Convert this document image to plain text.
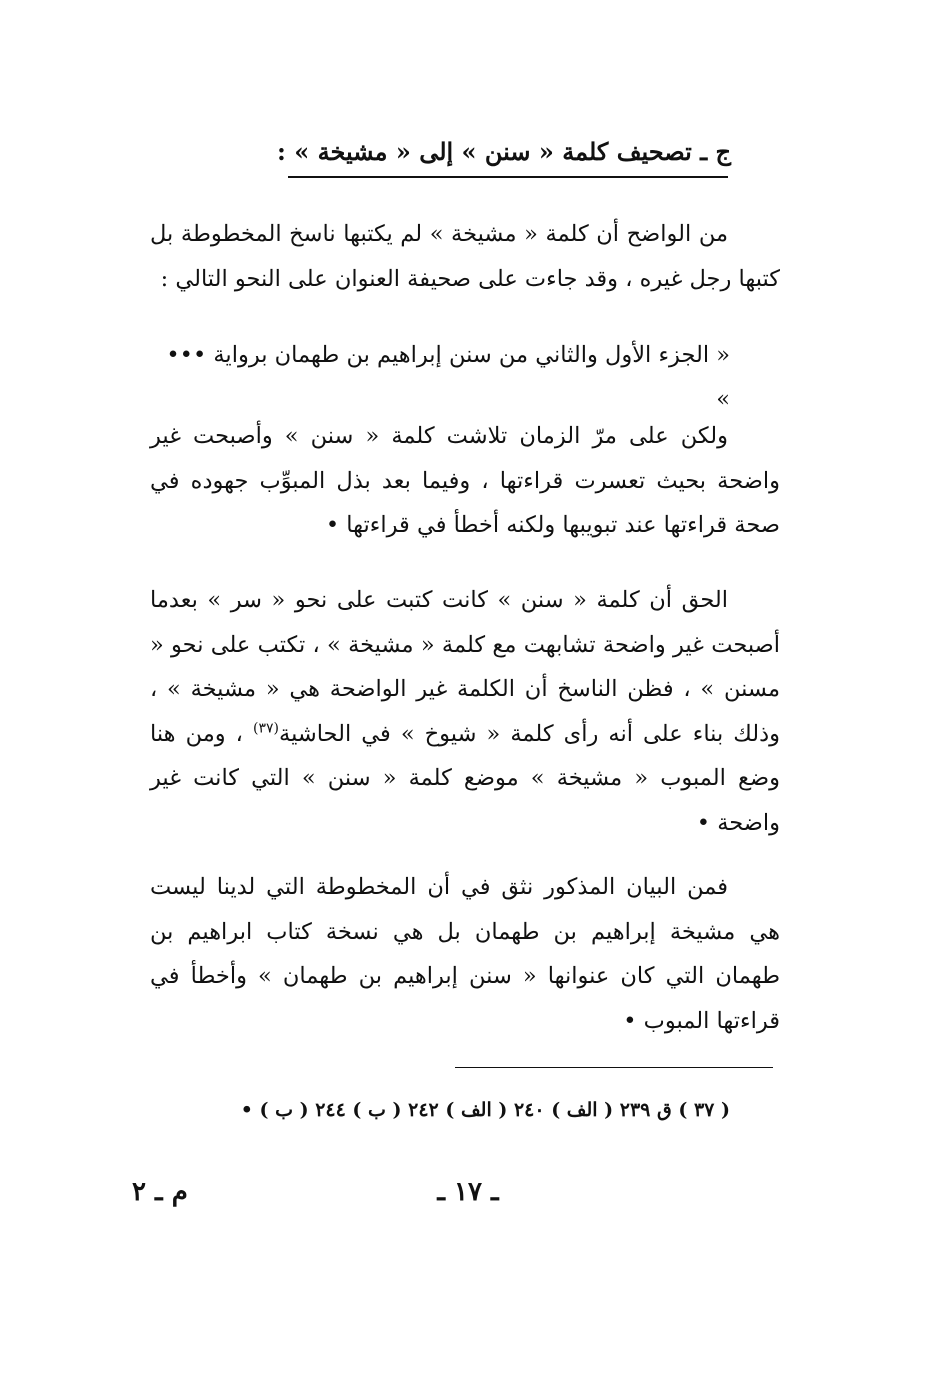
ج ـ تصحيف كلمة « سنن » إلى « مشيخة » :

من الواضح أن كلمة « مشيخة » لم يكتبها ناسخ المخطوطة بل كتبها رجل غيره ، وقد جاءت على صحيفة العنوان على النحو التالي :

« الجزء الأول والثاني من سنن إبراهيم بن طهمان برواية ••• »

ولكن على مرّ الزمان تلاشت كلمة « سنن » وأصبحت غير واضحة بحيث تعسرت قراءتها ، وفيما بعد بذل المبوِّب جهوده في صحة قراءتها عند تبويبها ولكنه أخطأ في قراءتها •

الحق أن كلمة « سنن » كانت كتبت على نحو « سر » بعدما أصبحت غير واضحة تشابهت مع كلمة « مشيخة » ، تكتب على نحو « مسنن » ، فظن الناسخ أن الكلمة غير الواضحة هي « مشيخة » ، وذلك بناء على أنه رأى كلمة « شيوخ » في الحاشية$^{(٣٧)}$ ، ومن هنا وضع المبوب « مشيخة » موضع كلمة « سنن » التي كانت غير واضحة •

فمن البيان المذكور نثق في أن المخطوطة التي لدينا ليست هي مشيخة إبراهيم بن طهمان بل هي نسخة كتاب ابراهيم بن طهمان التي كان عنوانها « سنن إبراهيم بن طهمان » وأخطأ في قراءتها المبوب •

( ٣٧ ) ق ٢٣٩ ( الف ) ٢٤٠ ( الف ) ٢٤٢ ( ب ) ٢٤٤ ( ب ) •

ـ ١٧ ـ
م ـ ٢
